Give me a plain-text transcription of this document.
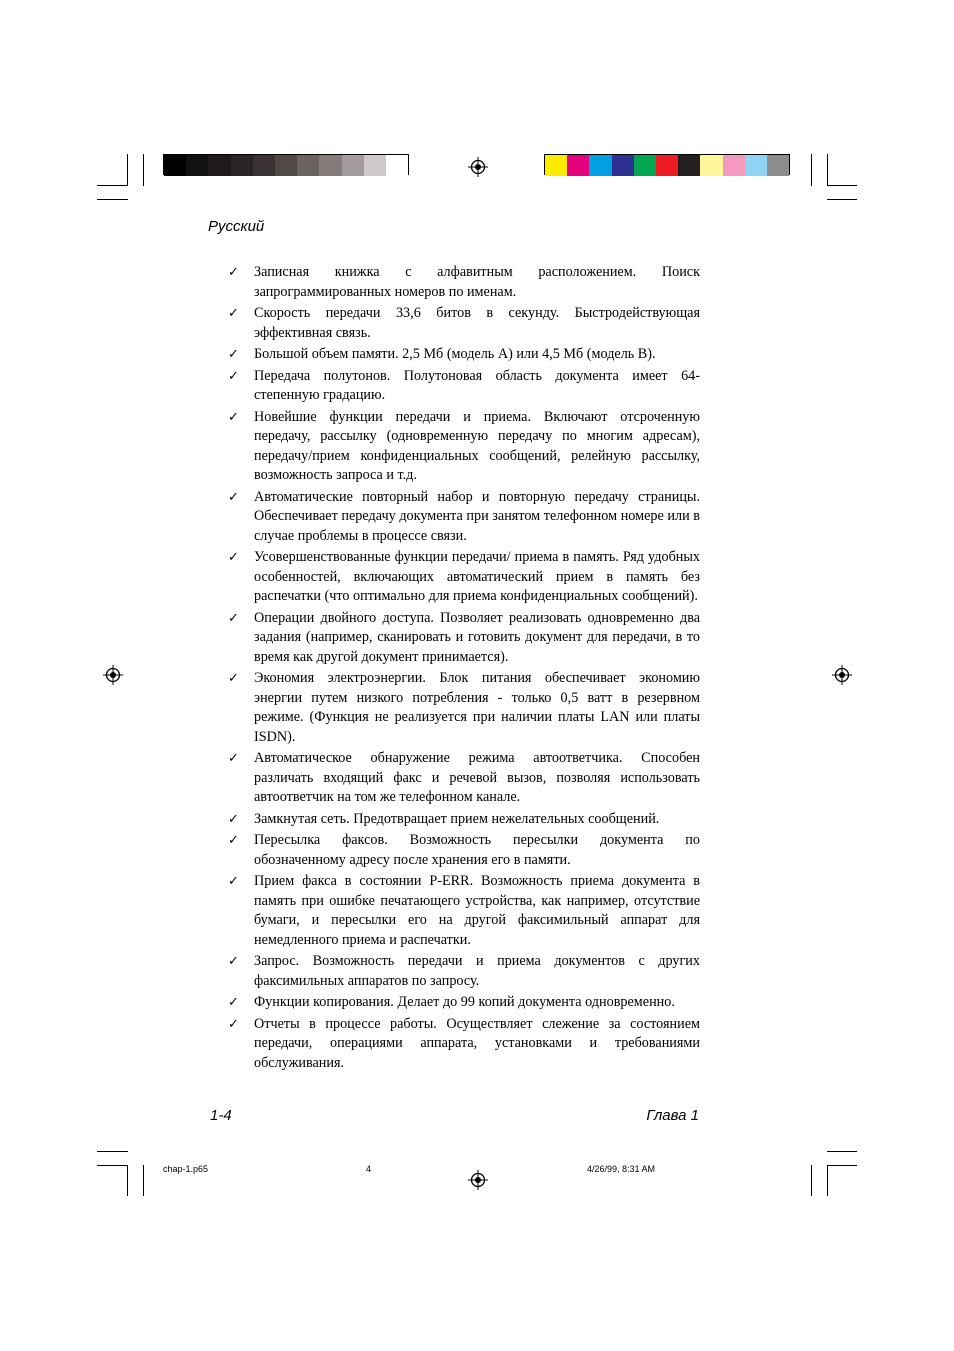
Русский
✓ Записная книжка с алфавитным расположением. Поиск запрограммированных номеров по именам.
✓ Скорость передачи 33,6 битов в секунду. Быстродействующая эффективная связь.
✓ Большой объем памяти. 2,5 Мб (модель А) или 4,5 Мб (модель В).
✓ Передача полутонов. Полутоновая область документа имеет 64-степенную градацию.
✓ Новейшие функции передачи и приема. Включают отсроченную передачу, рассылку (одновременную передачу по многим адресам), передачу/прием конфиденциальных сообщений, релейную рассылку, возможность запроса и т.д.
✓ Автоматические повторный набор и повторную передачу страницы. Обеспечивает передачу документа при занятом телефонном номере или в случае проблемы в процессе связи.
✓ Усовершенствованные функции передачи/ приема в память. Ряд удобных особенностей, включающих автоматический прием в память без распечатки (что оптимально для приема конфиденциальных сообщений).
✓ Операции двойного доступа. Позволяет реализовать одновременно два задания (например, сканировать и готовить документ для передачи, в то время как другой документ принимается).
✓ Экономия электроэнергии. Блок питания обеспечивает экономию энергии путем низкого потребления - только 0,5 ватт в резервном режиме. (Функция не реализуется при наличии платы LAN или платы ISDN).
✓ Автоматическое обнаружение режима автоответчика. Способен различать входящий факс и речевой вызов, позволяя использовать автоответчик на том же телефонном канале.
✓ Замкнутая сеть. Предотвращает прием нежелательных сообщений.
✓ Пересылка факсов. Возможность пересылки документа по обозначенному адресу после хранения его в памяти.
✓ Прием факса в состоянии P-ERR. Возможность приема документа в память при ошибке печатающего устройства, как например, отсутствие бумаги, и пересылки его на другой факсимильный аппарат для немедленного приема и распечатки.
✓ Запрос. Возможность передачи и приема документов с других факсимильных аппаратов по запросу.
✓ Функции копирования. Делает до 99 копий документа одновременно.
✓ Отчеты в процессе работы. Осуществляет слежение за состоянием передачи, операциями аппарата, установками и требованиями обслуживания.
1-4	Глава 1
chap-1.p65	4	4/26/99, 8:31 AM
